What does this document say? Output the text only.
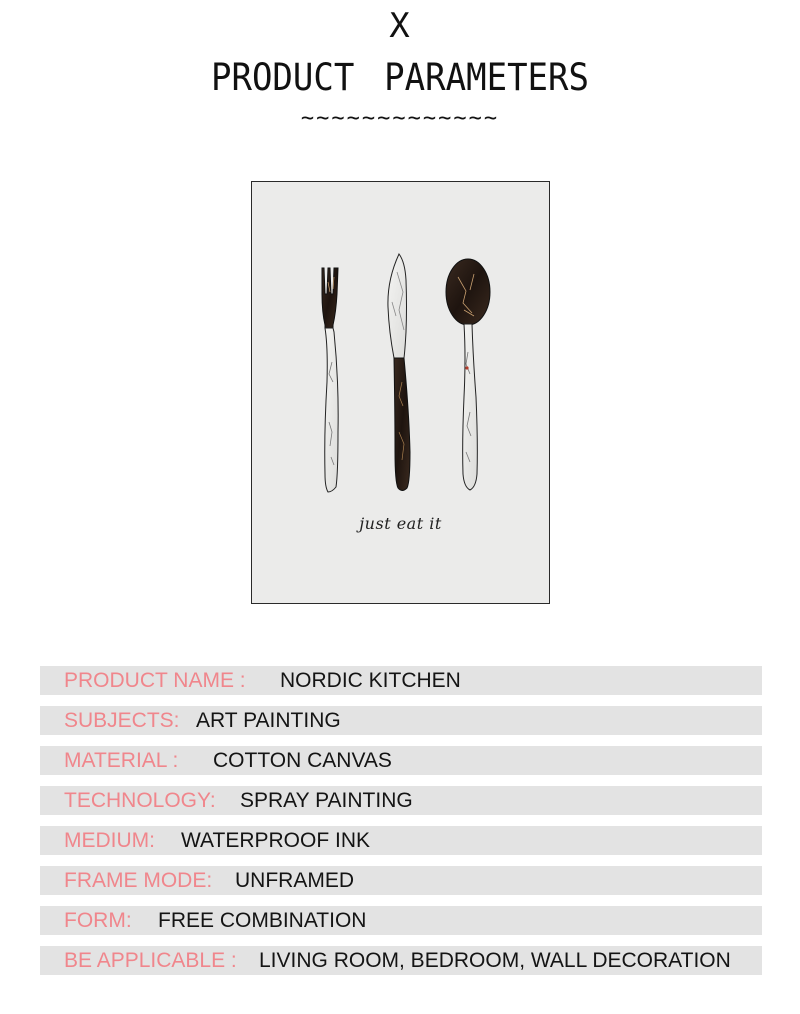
X
PRODUCT PARAMETERS
~~~~~~~~~~~~~
just eat it
PRODUCT NAME : NORDIC KITCHEN
SUBJECTS: ART PAINTING
MATERIAL : COTTON CANVAS
TECHNOLOGY: SPRAY PAINTING
MEDIUM: WATERPROOF INK
FRAME MODE: UNFRAMED
FORM: FREE COMBINATION
BE APPLICABLE : LIVING ROOM, BEDROOM, WALL DECORATION
